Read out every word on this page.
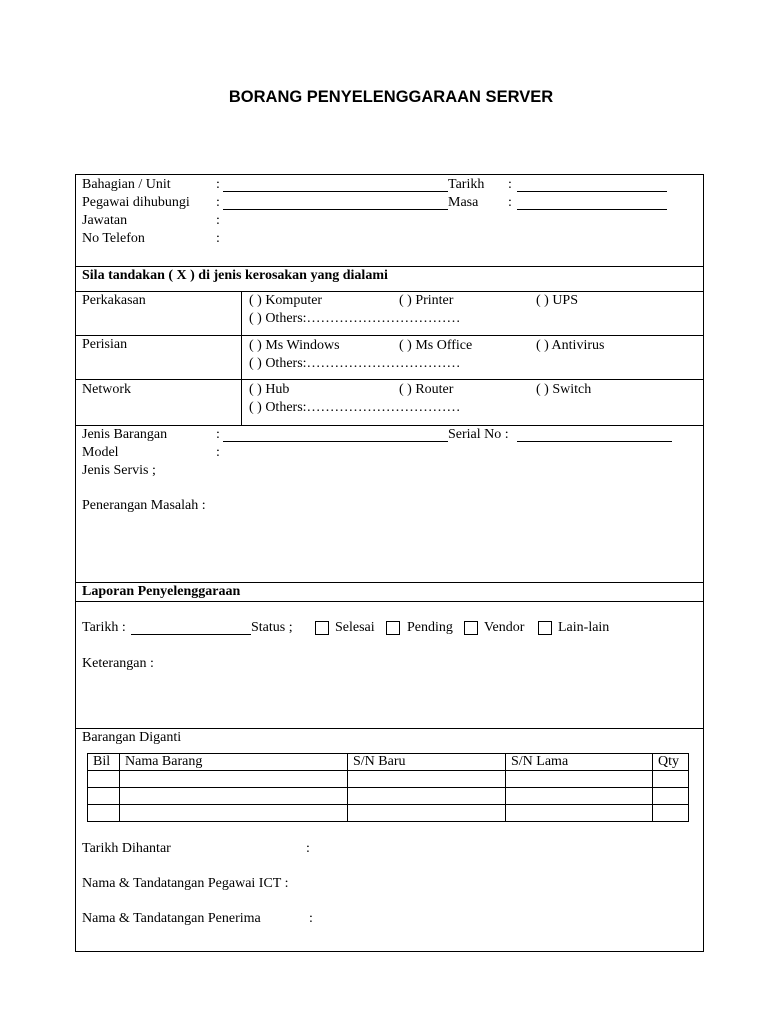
BORANG PENYELENGGARAAN SERVER
Bahagian / Unit	:	Tarikh :
Pegawai dihubungi :	Masa :
Jawatan	:
No Telefon	:
Sila tandakan ( X ) di jenis kerosakan yang dialami
Perkakasan	( ) Komputer	( ) Printer	( ) UPS
( ) Others:……………………………
Perisian	( ) Ms Windows	( ) Ms Office	( ) Antivirus
( ) Others:……………………………
Network	( ) Hub	( ) Router	( ) Switch
( ) Others:……………………………
Jenis Barangan	:	Serial No :
Model	:
Jenis Servis ;
Penerangan Masalah :
Laporan Penyelenggaraan
Tarikh :	Status ;	Selesai Pending Vendor Lain-lain
Keterangan :
Barangan Diganti
Bil	Nama Barang	S/N Baru	S/N Lama	Qty

Tarikh Dihantar	:
Nama & Tandatangan Pegawai ICT :
Nama & Tandatangan Penerima	:
